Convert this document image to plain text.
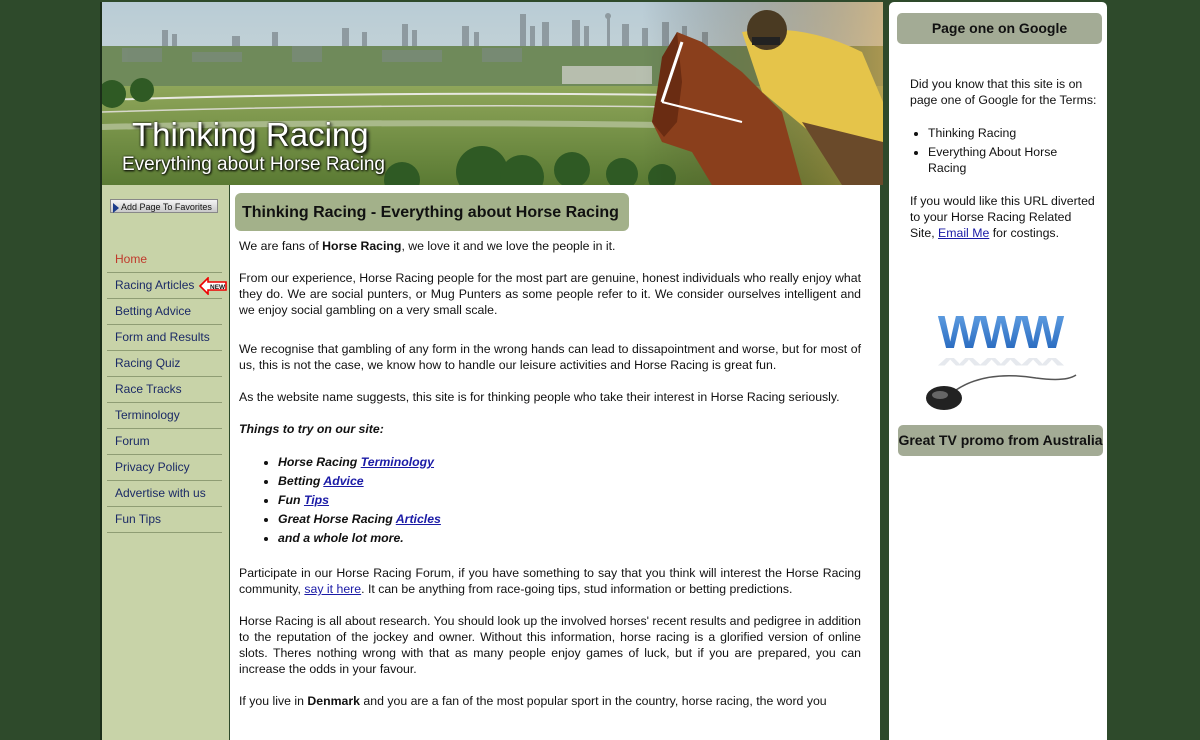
Thinking Racing
Everything about Horse Racing
Add Page To Favorites
Home
Racing Articles NEW
Betting Advice
Form and Results
Racing Quiz
Race Tracks
Terminology
Forum
Privacy Policy
Advertise with us
Fun Tips
Thinking Racing - Everything about Horse Racing

We are fans of Horse Racing, we love it and we love the people in it.

From our experience, Horse Racing people for the most part are genuine, honest individuals who really enjoy what they do. We are social punters, or Mug Punters as some people refer to it. We consider ourselves intelligent and we enjoy social gambling on a very small scale.

We recognise that gambling of any form in the wrong hands can lead to dissapointment and worse, but for most of us, this is not the case, we know how to handle our leisure activities and Horse Racing is great fun.

As the website name suggests, this site is for thinking people who take their interest in Horse Racing seriously.

Things to try on our site:

• Horse Racing Terminology
• Betting Advice
• Fun Tips
• Great Horse Racing Articles
• and a whole lot more.

Participate in our Horse Racing Forum, if you have something to say that you think will interest the Horse Racing community, say it here. It can be anything from race-going tips, stud information or betting predictions.

Horse Racing is all about research. You should look up the involved horses' recent results and pedigree in addition to the reputation of the jockey and owner. Without this information, horse racing is a glorified version of online slots. Theres nothing wrong with that as many people enjoy games of luck, but if you are prepared, you can increase the odds in your favour.

If you live in Denmark and you are a fan of the most popular sport in the country, horse racing, the word you

Page one on Google

Did you know that this site is on page one of Google for the Terms:

• Thinking Racing
• Everything About Horse Racing

If you would like this URL diverted to your Horse Racing Related Site, Email Me for costings.

WWW
WWW
Great TV promo from Australia
